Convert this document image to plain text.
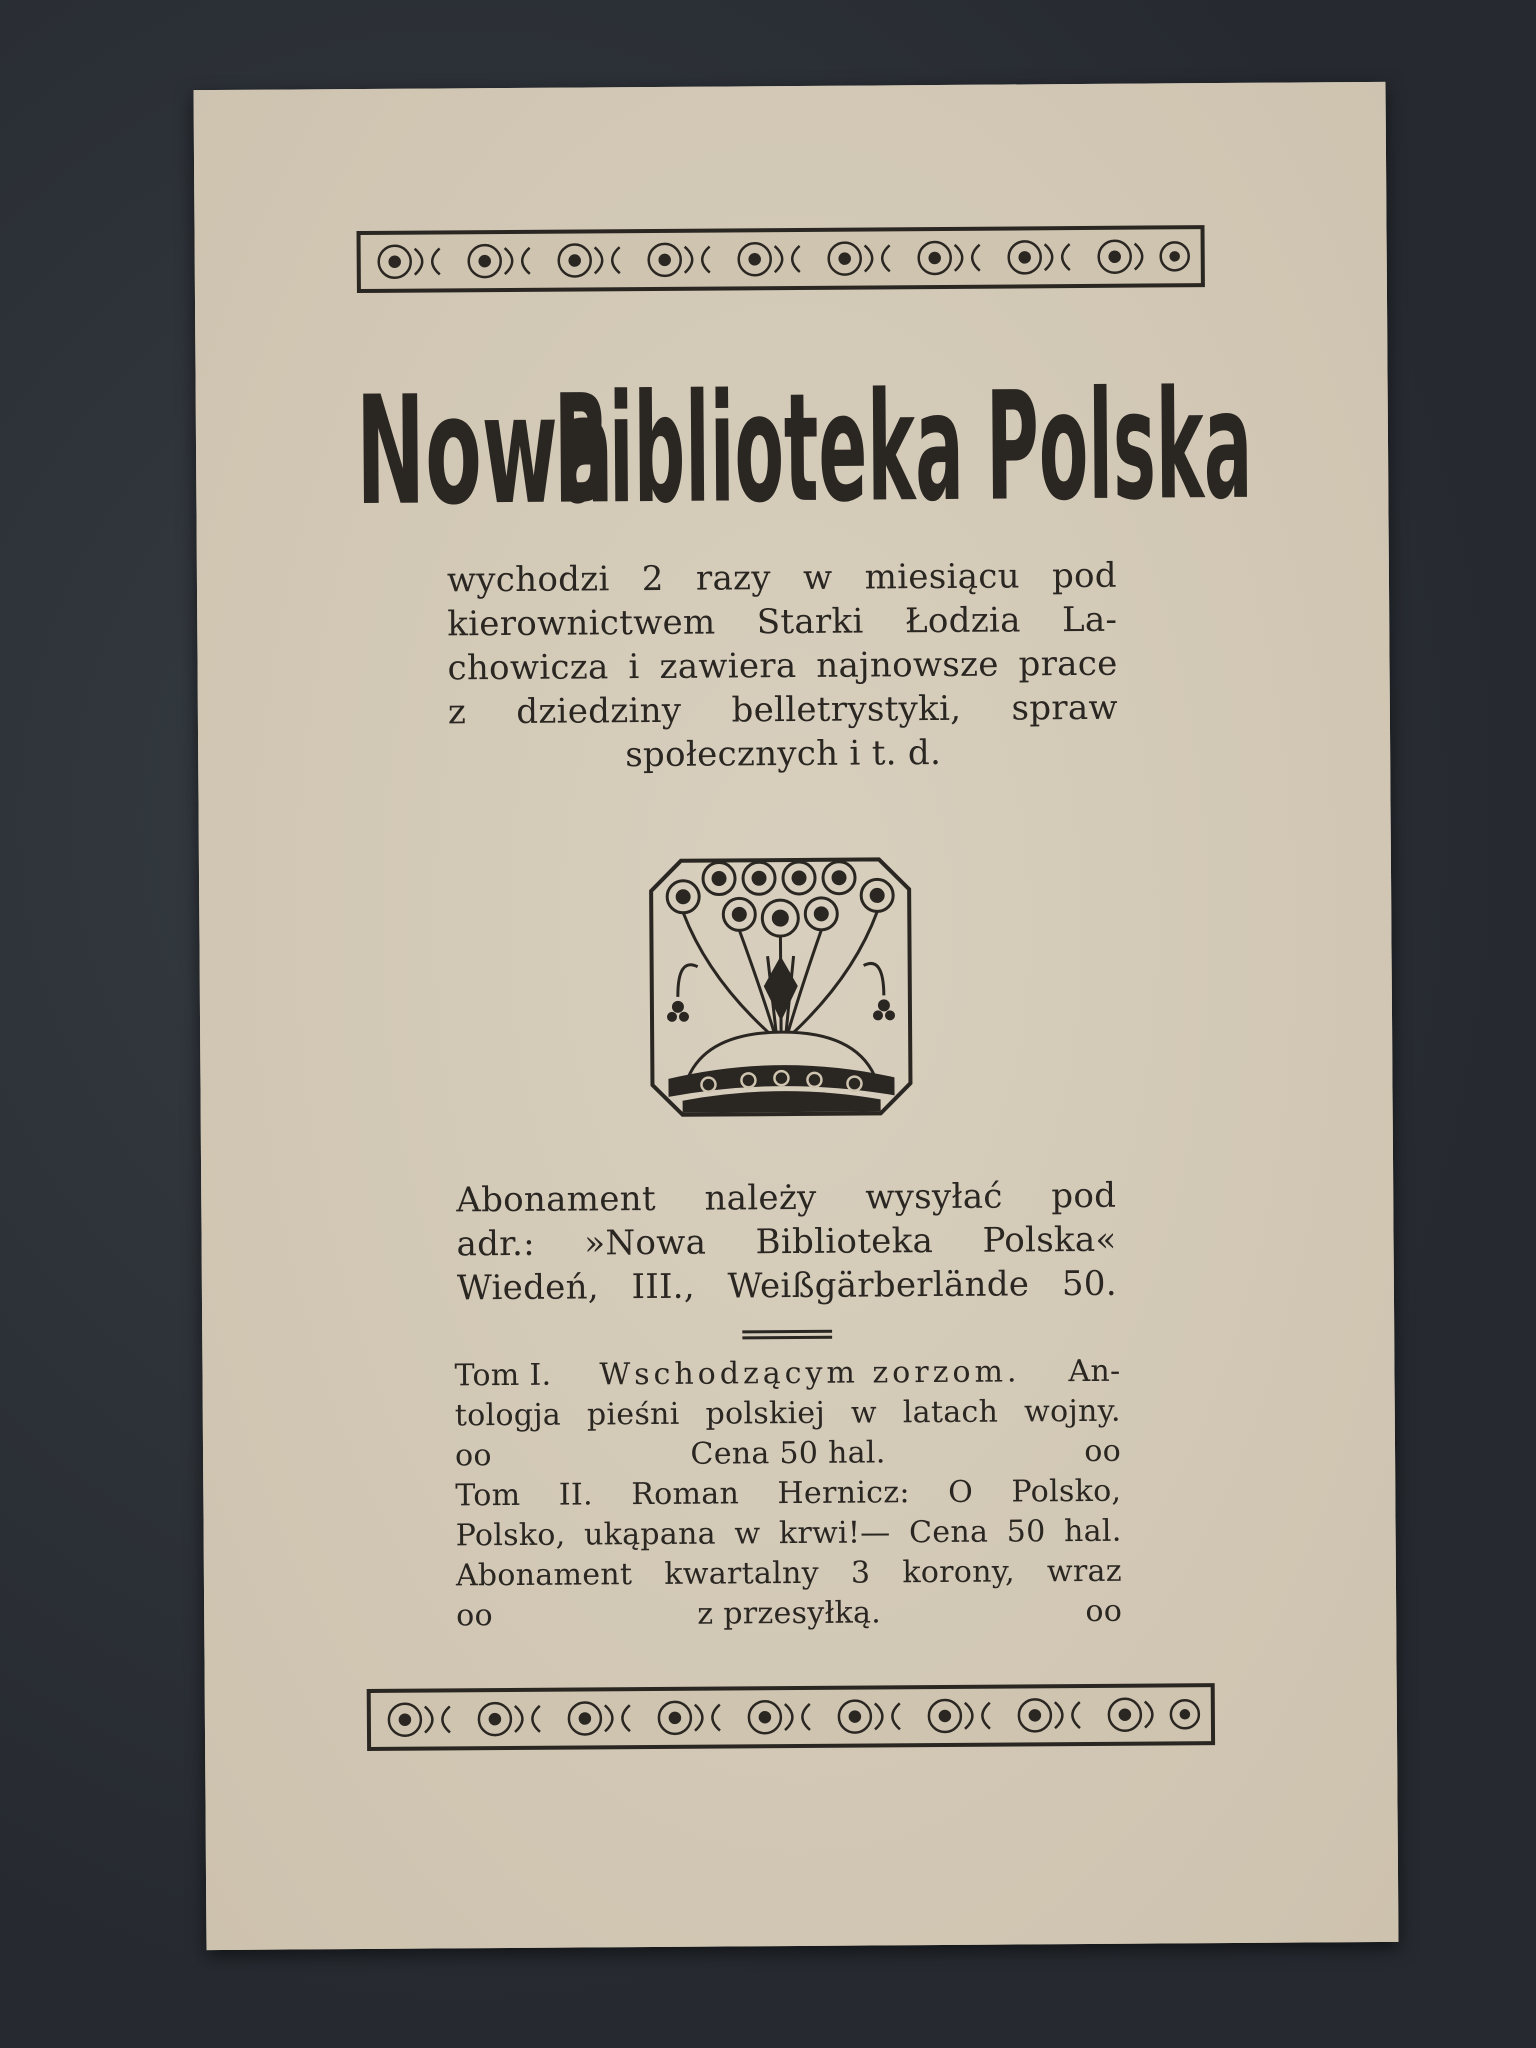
Nowa
Biblioteka Polska
wychodzi 2 razy w miesiącu pod
kierownictwem Starki Łodzia La-
chowicza i zawiera najnowsze prace
z dziedziny belletrystyki, spraw
społecznych i t. d.
Abonament należy wysyłać pod
adr.: »Nowa Biblioteka Polska«
Wiedeń, III., Weißgärberlände 50.
Tom I. Wschodzącym zorzom. An-
tologja pieśni polskiej w latach wojny.
oo	Cena 50 hal.	oo
Tom II. Roman Hernicz: O Polsko,
Polsko, ukąpana w krwi!— Cena 50 hal.
Abonament kwartalny 3 korony, wraz
oo	z przesyłką.	oo
